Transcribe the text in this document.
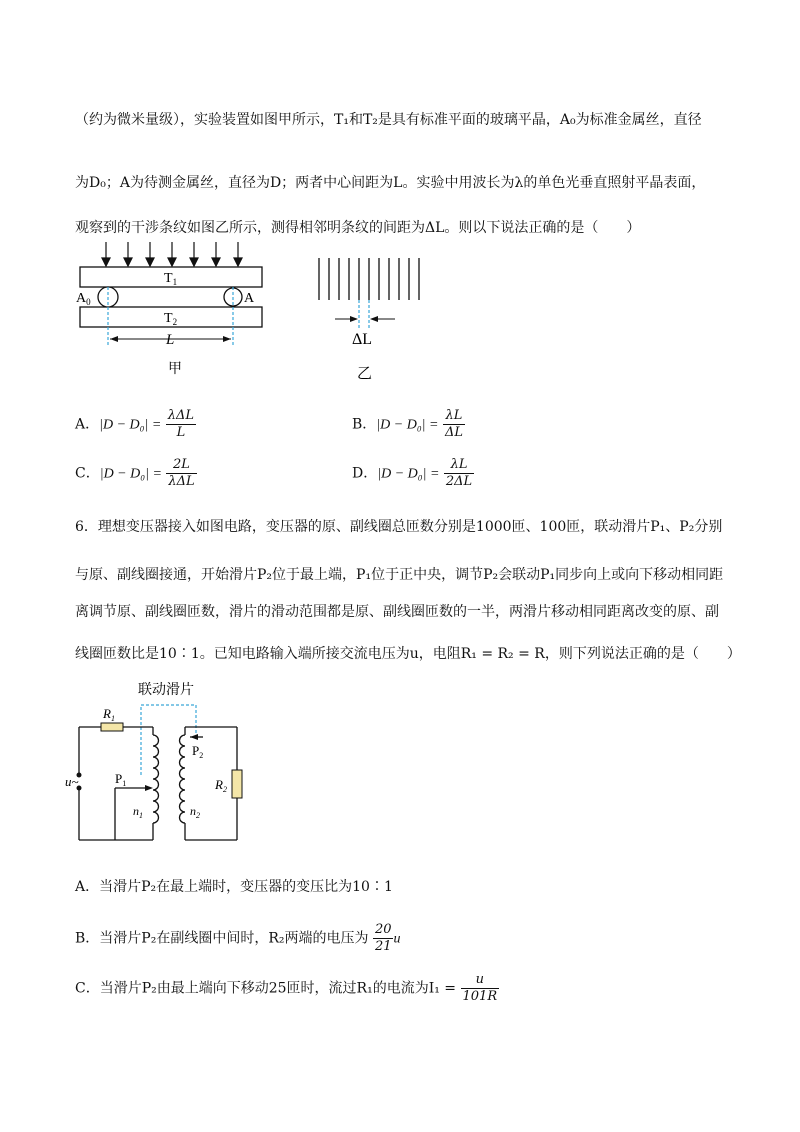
（约为微米量级），实验装置如图甲所示，T₁和T₂是具有标准平面的玻璃平晶，A₀为标准金属丝，直径
为D₀；A为待测金属丝，直径为D；两者中心间距为L。实验中用波长为λ的单色光垂直照射平晶表面，
观察到的干涉条纹如图乙所示，测得相邻明条纹的间距为ΔL。则以下说法正确的是（　　）
$T_1$
$T_2$
$A_0$	A
L
甲
ΔL
乙
A．$|D - D_0| = \frac{\text{λΔL}}{L}$	B．$|D - D_0| = \frac{\lambda L}{\Delta L}$
C．$|D - D_0| = \frac{2L}{\text{λΔL}}$	D．$|D - D_0| = \frac{\lambda L}{2\Delta L}$
6．理想变压器接入如图电路，变压器的原、副线圈总匝数分别是1000匝、100匝，联动滑片P₁、P₂分别
与原、副线圈接通，开始滑片P₂位于最上端，P₁位于正中央，调节P₂会联动P₁同步向上或向下移动相同距
离调节原、副线圈匝数，滑片的滑动范围都是原、副线圈匝数的一半，两滑片移动相同距离改变的原、副
线圈匝数比是10∶1。已知电路输入端所接交流电压为u，电阻R₁ = R₂ = R，则下列说法正确的是（　　）
联动滑片
$R_1$
$R_2$
$P_1$
$P_2$
$n_1$	$n_2$
u~
A．当滑片P₂在最上端时，变压器的变压比为10∶1
B．当滑片P₂在副线圈中间时，R₂两端的电压为 $\frac{20}{21}$ u
C．当滑片P₂由最上端向下移动25匝时，流过R₁的电流为$I_1 = \frac{u}{101R}$
